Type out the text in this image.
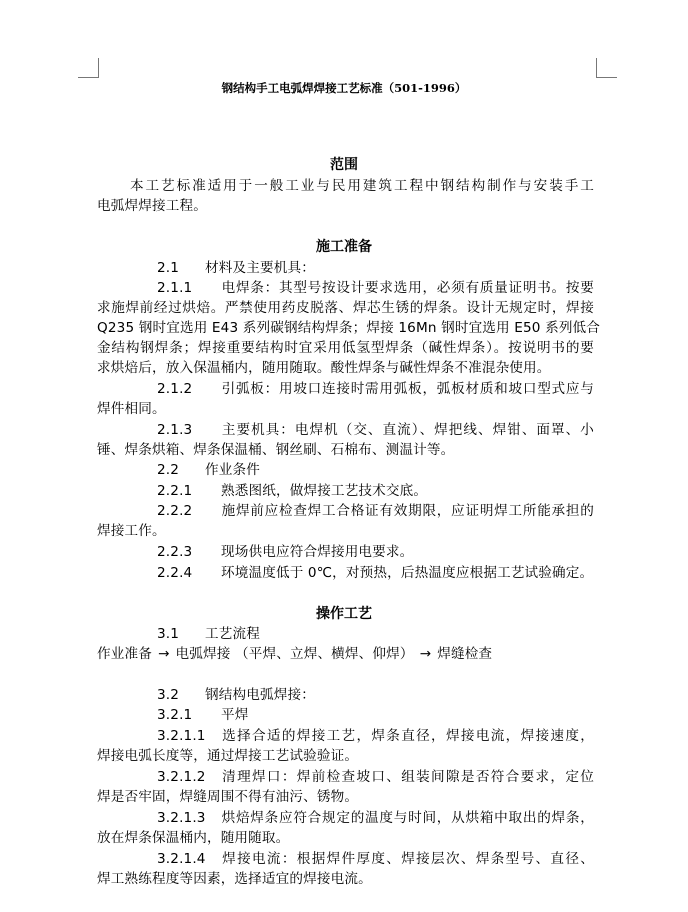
钢结构手工电弧焊焊接工艺标准（501-1996）
范围
本工艺标准适用于一般工业与民用建筑工程中钢结构制作与安装手工
电弧焊焊接工程。
施工准备
2.1 材料及主要机具：
2.1.1 电焊条：其型号按设计要求选用，必须有质量证明书。按要
求施焊前经过烘焙。严禁使用药皮脱落、焊芯生锈的焊条。设计无规定时，焊接
Q235 钢时宜选用 E43 系列碳钢结构焊条；焊接 16Mn 钢时宜选用 E50 系列低合
金结构钢焊条；焊接重要结构时宜采用低氢型焊条（碱性焊条）。按说明书的要
求烘焙后，放入保温桶内，随用随取。酸性焊条与碱性焊条不准混杂使用。
2.1.2 引弧板：用坡口连接时需用弧板，弧板材质和坡口型式应与
焊件相同。
2.1.3 主要机具：电焊机（交、直流）、焊把线、焊钳、面罩、小
锤、焊条烘箱、焊条保温桶、钢丝刷、石棉布、测温计等。
2.2 作业条件
2.2.1 熟悉图纸，做焊接工艺技术交底。
2.2.2 施焊前应检查焊工合格证有效期限，应证明焊工所能承担的
焊接工作。
2.2.3 现场供电应符合焊接用电要求。
2.2.4 环境温度低于 0℃，对预热，后热温度应根据工艺试验确定。
操作工艺
3.1 工艺流程
作业准备 → 电弧焊接 （平焊、立焊、横焊、仰焊） → 焊缝检查
3.2 钢结构电弧焊接：
3.2.1 平焊
3.2.1.1 选择合适的焊接工艺，焊条直径，焊接电流，焊接速度，
焊接电弧长度等，通过焊接工艺试验验证。
3.2.1.2 清理焊口：焊前检查坡口、组装间隙是否符合要求，定位
焊是否牢固，焊缝周围不得有油污、锈物。
3.2.1.3 烘焙焊条应符合规定的温度与时间，从烘箱中取出的焊条，
放在焊条保温桶内，随用随取。
3.2.1.4 焊接电流：根据焊件厚度、焊接层次、焊条型号、直径、
焊工熟练程度等因素，选择适宜的焊接电流。
